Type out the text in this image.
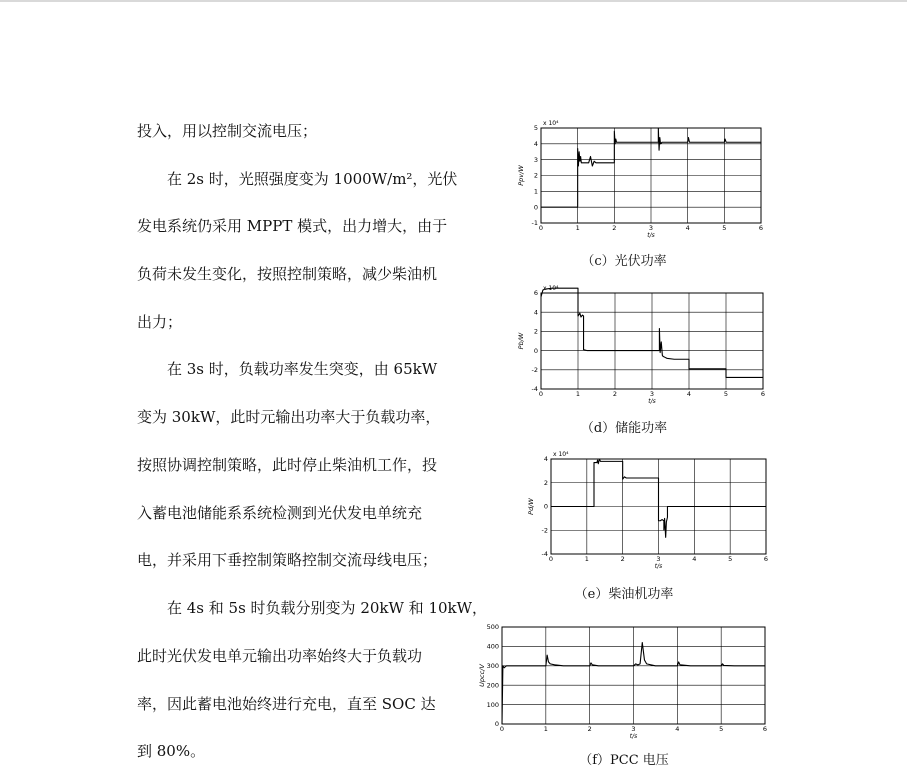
投入，用以控制交流电压；
在 2s 时，光照强度变为 1000W/m²，光伏
发电系统仍采用 MPPT 模式，出力增大，由于
负荷未发生变化，按照控制策略，减少柴油机
出力；
在 3s 时，负载功率发生突变，由 65kW
变为 30kW，此时元输出功率大于负载功率，
按照协调控制策略，此时停止柴油机工作，投
入蓄电池储能系系统检测到光伏发电单统充
电，并采用下垂控制策略控制交流母线电压；
在 4s 和 5s 时负载分别变为 20kW 和 10kW，
此时光伏发电单元输出功率始终大于负载功
率，因此蓄电池始终进行充电，直至 SOC 达
到 80%。
0	1	2	3	4	5	6
-1
0
1
2
3
4
5
t/s
Ppv/W
x 10⁴
（c）光伏功率
0	1	2	3	4	5	6
-4
-2
0
2
4
6
t/s
Pb/W
x 10⁴
（d）储能功率
0	1	2	3	4	5	6
-4
-2
0
2
4
t/s
Pd/W
x 10⁴
（e）柴油机功率
0	1	2	3	4	5	6
0
100
200
300
400
500
t/s
Upcc/V
（f）PCC 电压
